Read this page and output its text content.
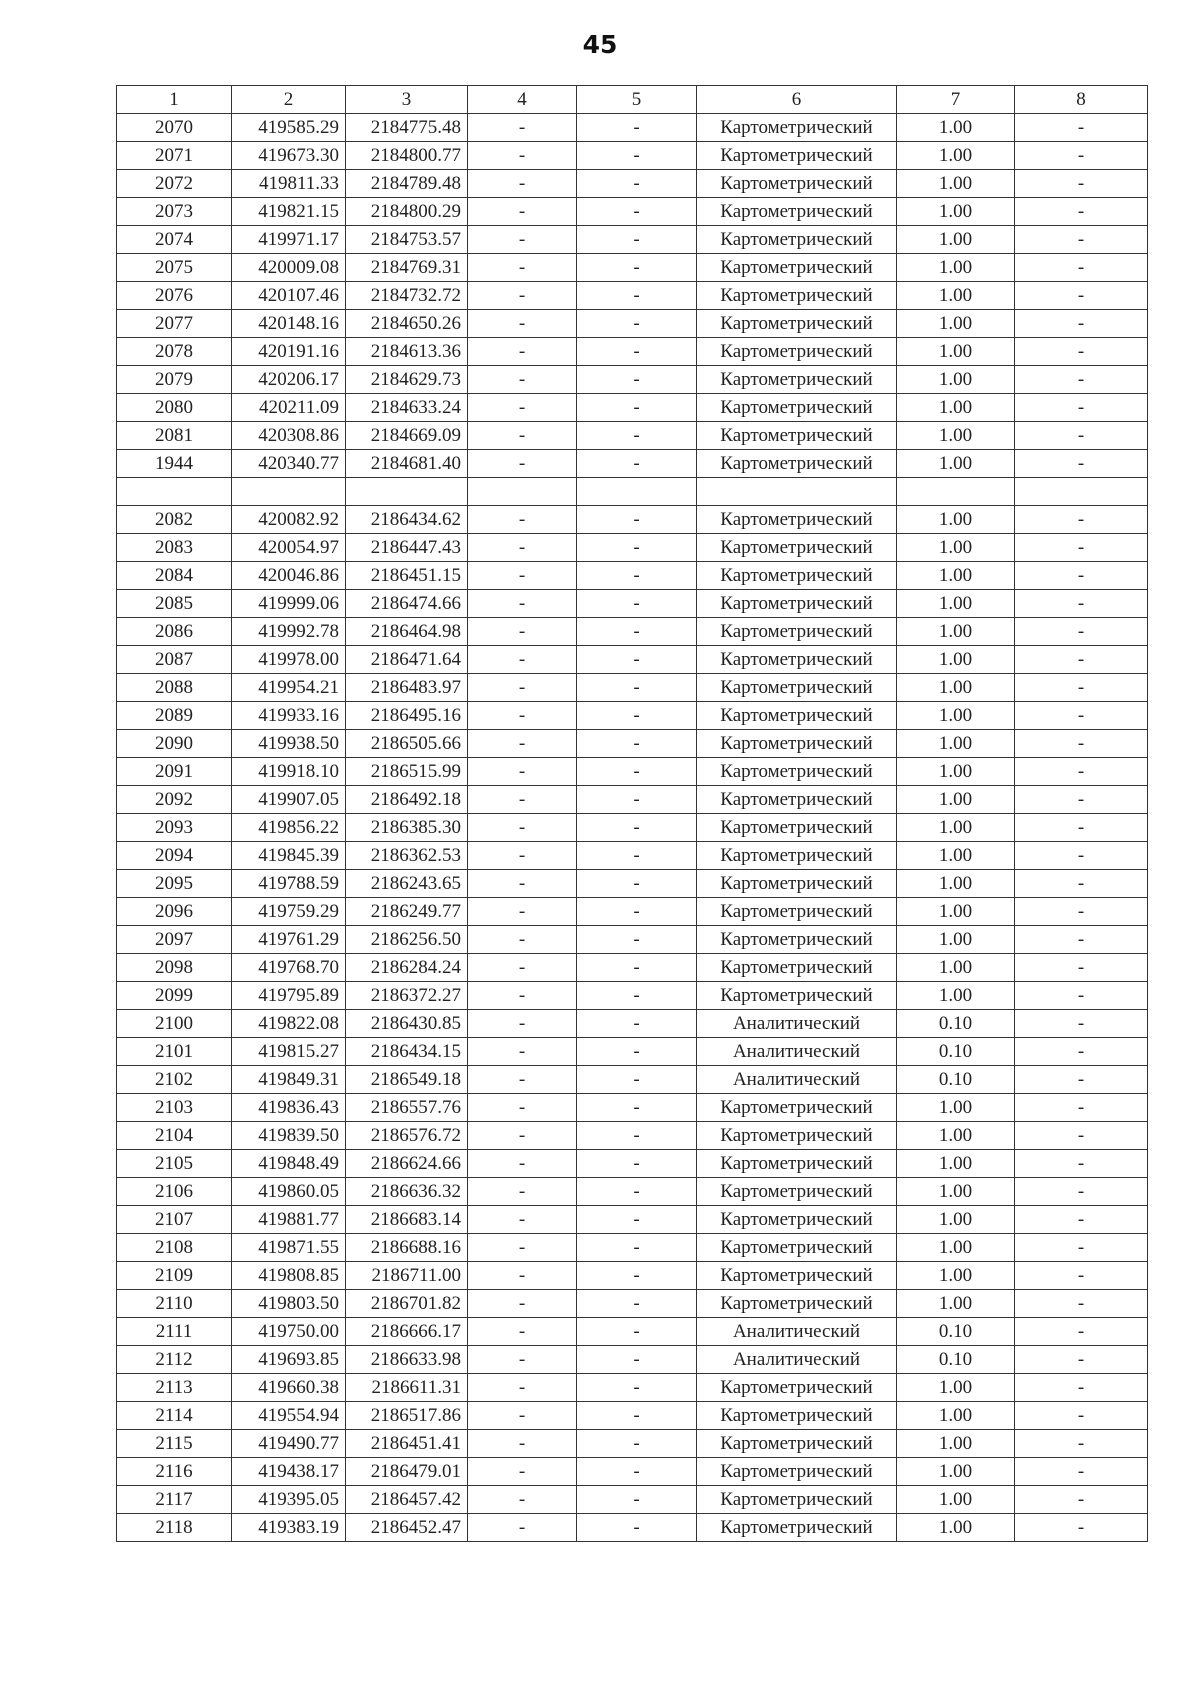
45
1	2	3	4	5	6	7	8
2070	419585.29	2184775.48	-	-	Картометрический	1.00	-
2071	419673.30	2184800.77	-	-	Картометрический	1.00	-
2072	419811.33	2184789.48	-	-	Картометрический	1.00	-
2073	419821.15	2184800.29	-	-	Картометрический	1.00	-
2074	419971.17	2184753.57	-	-	Картометрический	1.00	-
2075	420009.08	2184769.31	-	-	Картометрический	1.00	-
2076	420107.46	2184732.72	-	-	Картометрический	1.00	-
2077	420148.16	2184650.26	-	-	Картометрический	1.00	-
2078	420191.16	2184613.36	-	-	Картометрический	1.00	-
2079	420206.17	2184629.73	-	-	Картометрический	1.00	-
2080	420211.09	2184633.24	-	-	Картометрический	1.00	-
2081	420308.86	2184669.09	-	-	Картометрический	1.00	-
1944	420340.77	2184681.40	-	-	Картометрический	1.00	-

2082	420082.92	2186434.62	-	-	Картометрический	1.00	-
2083	420054.97	2186447.43	-	-	Картометрический	1.00	-
2084	420046.86	2186451.15	-	-	Картометрический	1.00	-
2085	419999.06	2186474.66	-	-	Картометрический	1.00	-
2086	419992.78	2186464.98	-	-	Картометрический	1.00	-
2087	419978.00	2186471.64	-	-	Картометрический	1.00	-
2088	419954.21	2186483.97	-	-	Картометрический	1.00	-
2089	419933.16	2186495.16	-	-	Картометрический	1.00	-
2090	419938.50	2186505.66	-	-	Картометрический	1.00	-
2091	419918.10	2186515.99	-	-	Картометрический	1.00	-
2092	419907.05	2186492.18	-	-	Картометрический	1.00	-
2093	419856.22	2186385.30	-	-	Картометрический	1.00	-
2094	419845.39	2186362.53	-	-	Картометрический	1.00	-
2095	419788.59	2186243.65	-	-	Картометрический	1.00	-
2096	419759.29	2186249.77	-	-	Картометрический	1.00	-
2097	419761.29	2186256.50	-	-	Картометрический	1.00	-
2098	419768.70	2186284.24	-	-	Картометрический	1.00	-
2099	419795.89	2186372.27	-	-	Картометрический	1.00	-
2100	419822.08	2186430.85	-	-	Аналитический	0.10	-
2101	419815.27	2186434.15	-	-	Аналитический	0.10	-
2102	419849.31	2186549.18	-	-	Аналитический	0.10	-
2103	419836.43	2186557.76	-	-	Картометрический	1.00	-
2104	419839.50	2186576.72	-	-	Картометрический	1.00	-
2105	419848.49	2186624.66	-	-	Картометрический	1.00	-
2106	419860.05	2186636.32	-	-	Картометрический	1.00	-
2107	419881.77	2186683.14	-	-	Картометрический	1.00	-
2108	419871.55	2186688.16	-	-	Картометрический	1.00	-
2109	419808.85	2186711.00	-	-	Картометрический	1.00	-
2110	419803.50	2186701.82	-	-	Картометрический	1.00	-
2111	419750.00	2186666.17	-	-	Аналитический	0.10	-
2112	419693.85	2186633.98	-	-	Аналитический	0.10	-
2113	419660.38	2186611.31	-	-	Картометрический	1.00	-
2114	419554.94	2186517.86	-	-	Картометрический	1.00	-
2115	419490.77	2186451.41	-	-	Картометрический	1.00	-
2116	419438.17	2186479.01	-	-	Картометрический	1.00	-
2117	419395.05	2186457.42	-	-	Картометрический	1.00	-
2118	419383.19	2186452.47	-	-	Картометрический	1.00	-
